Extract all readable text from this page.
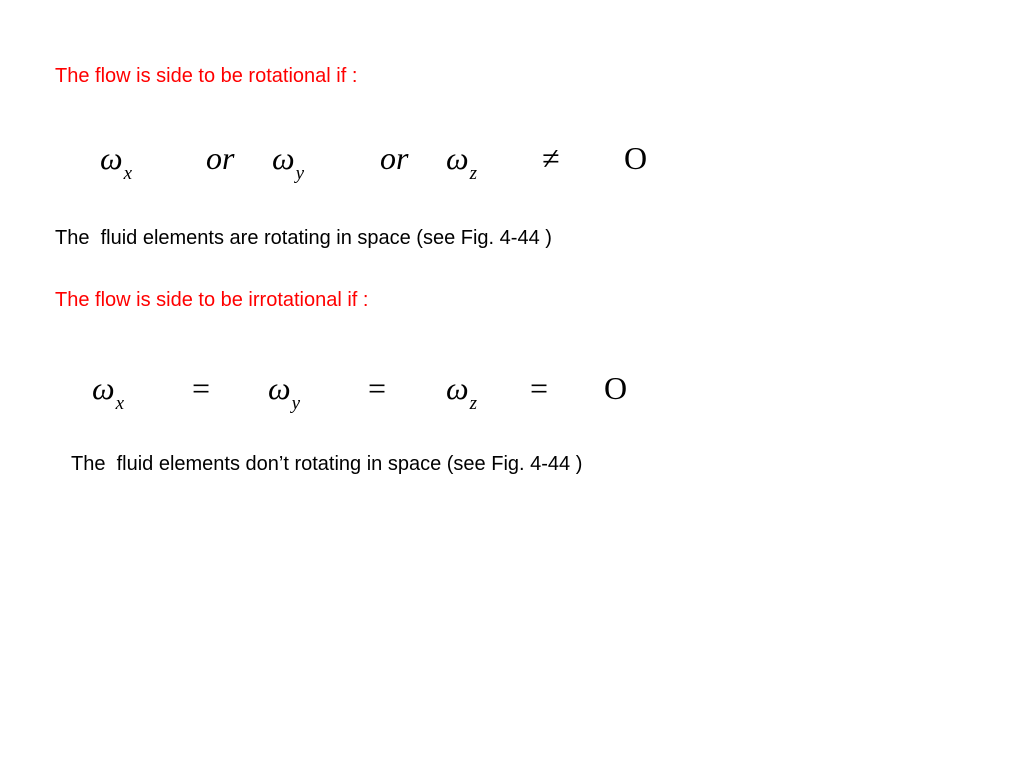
The flow is side to be rotational if :

$\omega_x$

or

$\omega_y$

or

$\omega_z$

≠

O

The  fluid elements are rotating in space (see Fig. 4-44 )
The flow is side to be irrotational if :

$\omega_x$

=

$\omega_y$

=

$\omega_z$

=

O

The  fluid elements don’t rotating in space (see Fig. 4-44 )
